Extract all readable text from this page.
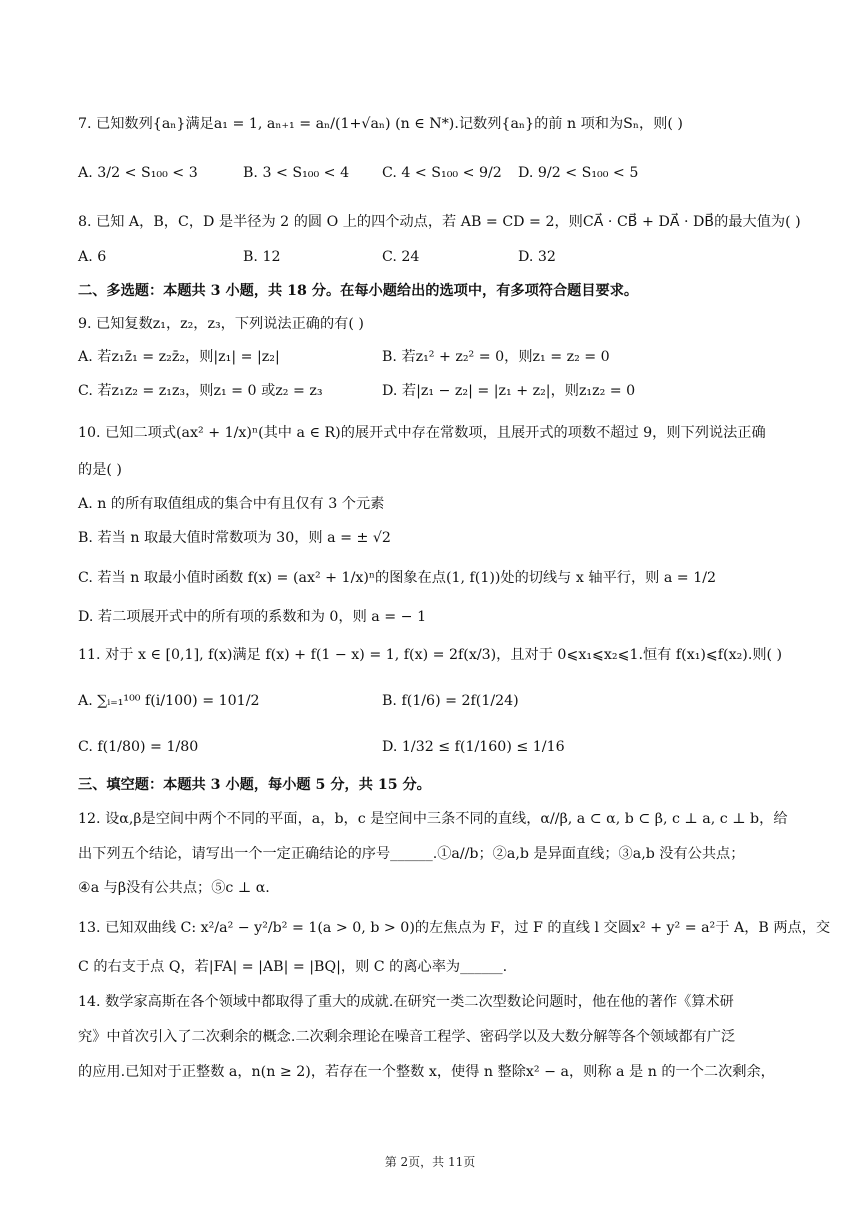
7. 已知数列{aₙ}满足a₁ = 1, aₙ₊₁ = aₙ/(1+√aₙ) (n ∈ N*).记数列{aₙ}的前 n 项和为Sₙ，则( )
A. 3/2 < S₁₀₀ < 3	B. 3 < S₁₀₀ < 4 C. 4 < S₁₀₀ < 9/2 D. 9/2 < S₁₀₀ < 5
8. 已知 A，B，C，D 是半径为 2 的圆 O 上的四个动点，若 AB = CD = 2，则CA⃗ · CB⃗ + DA⃗ · DB⃗的最大值为( )
A. 6	B. 12	C. 24	D. 32
二、多选题：本题共 3 小题，共 18 分。在每小题给出的选项中，有多项符合题目要求。
9. 已知复数z₁，z₂，z₃，下列说法正确的有( )
A. 若z₁z̄₁ = z₂z̄₂，则|z₁| = |z₂|	B. 若z₁² + z₂² = 0，则z₁ = z₂ = 0
C. 若z₁z₂ = z₁z₃，则z₁ = 0 或z₂ = z₃	D. 若|z₁ − z₂| = |z₁ + z₂|，则z₁z₂ = 0
10. 已知二项式(ax² + 1/x)ⁿ(其中 a ∈ R)的展开式中存在常数项，且展开式的项数不超过 9，则下列说法正确
的是( )
A. n 的所有取值组成的集合中有且仅有 3 个元素
B. 若当 n 取最大值时常数项为 30，则 a = ± √2
C. 若当 n 取最小值时函数 f(x) = (ax² + 1/x)ⁿ的图象在点(1, f(1))处的切线与 x 轴平行，则 a = 1/2
D. 若二项展开式中的所有项的系数和为 0，则 a = − 1
11. 对于 x ∈ [0,1], f(x)满足 f(x) + f(1 − x) = 1, f(x) = 2f(x/3)，且对于 0⩽x₁⩽x₂⩽1.恒有 f(x₁)⩽f(x₂).则( )
A. ∑ᵢ₌₁¹⁰⁰ f(i/100) = 101/2	B. f(1/6) = 2f(1/24)
C. f(1/80) = 1/80	D. 1/32 ≤ f(1/160) ≤ 1/16
三、填空题：本题共 3 小题，每小题 5 分，共 15 分。
12. 设α,β是空间中两个不同的平面，a，b，c 是空间中三条不同的直线，α//β, a ⊂ α, b ⊂ β, c ⊥ a, c ⊥ b，给
出下列五个结论，请写出一个一定正确结论的序号______.①a//b；②a,b 是异面直线；③a,b 没有公共点；
④a 与β没有公共点；⑤c ⊥ α.
13. 已知双曲线 C: x²/a² − y²/b² = 1(a > 0, b > 0)的左焦点为 F，过 F 的直线 l 交圆x² + y² = a²于 A，B 两点，交
C 的右支于点 Q，若|FA| = |AB| = |BQ|，则 C 的离心率为______.
14. 数学家高斯在各个领域中都取得了重大的成就.在研究一类二次型数论问题时，他在他的著作《算术研
究》中首次引入了二次剩余的概念.二次剩余理论在噪音工程学、密码学以及大数分解等各个领域都有广泛
的应用.已知对于正整数 a，n(n ≥ 2)，若存在一个整数 x，使得 n 整除x² − a，则称 a 是 n 的一个二次剩余，
第 2页，共 11页
